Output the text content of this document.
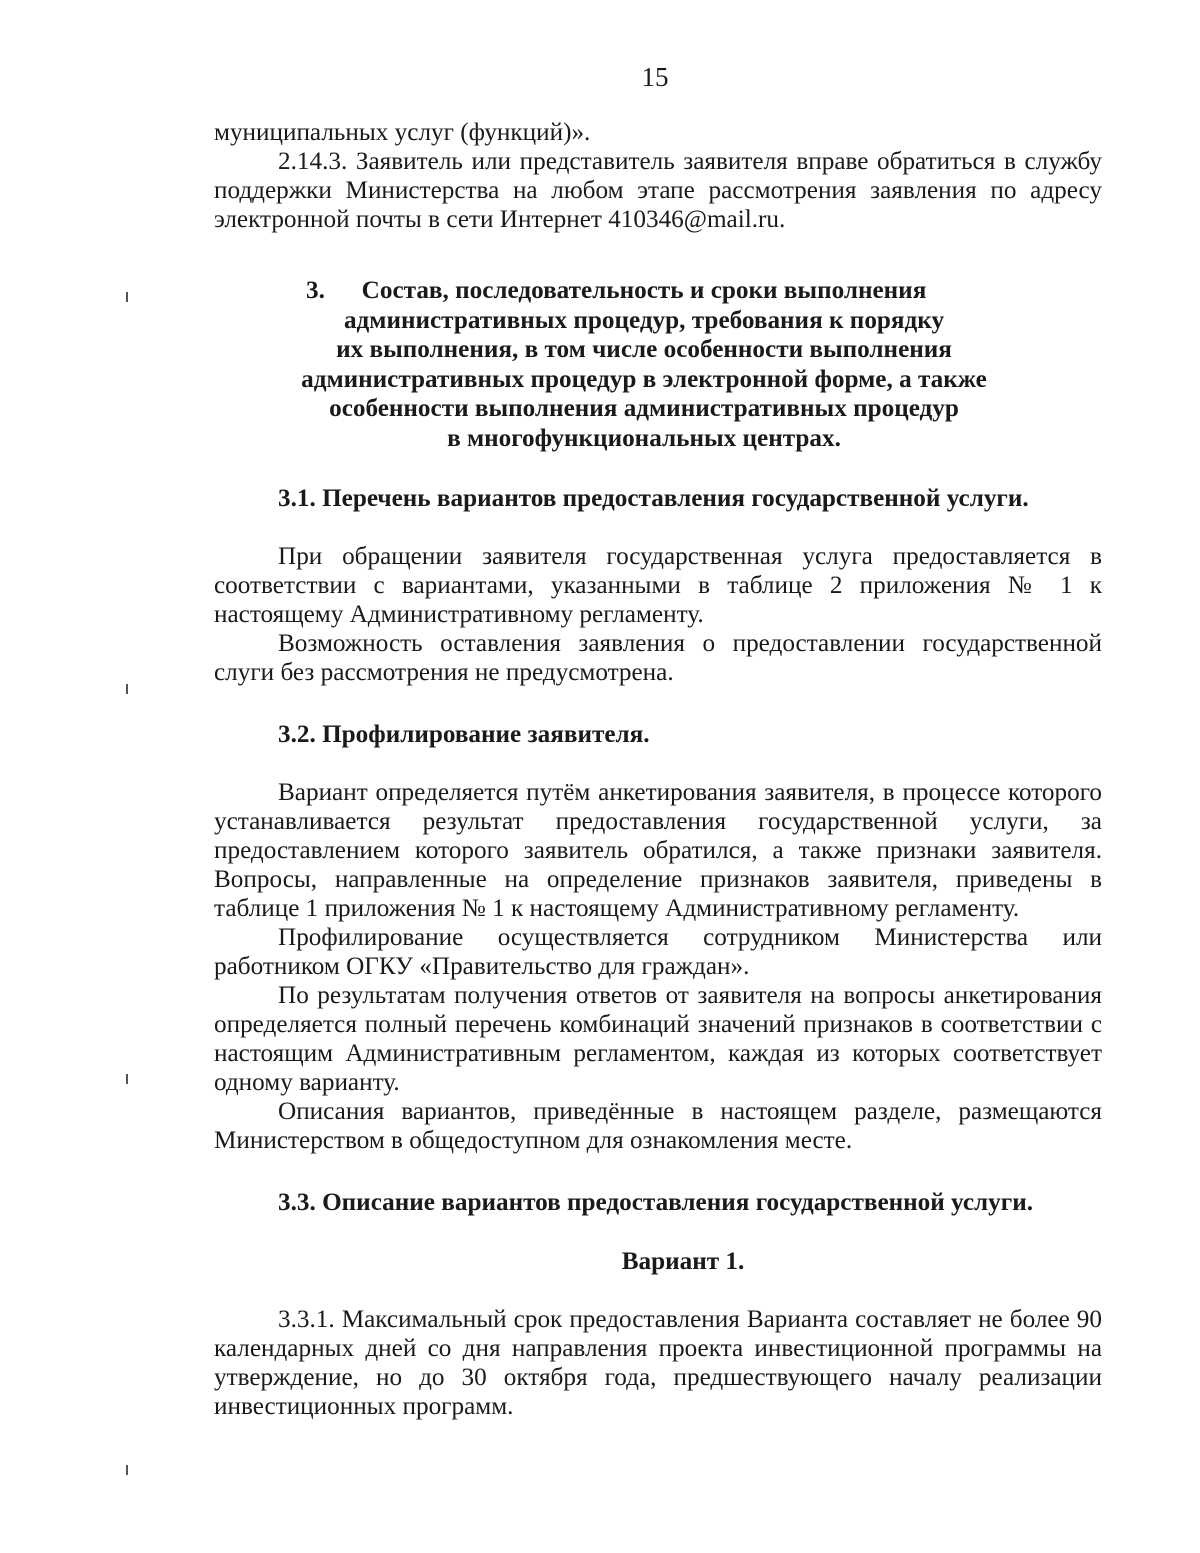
15

муниципальных услуг (функций)».

2.14.3. Заявитель или представитель заявителя вправе обратиться в службу поддержки Министерства на любом этапе рассмотрения заявления по адресу электронной почты в сети Интернет 410346@mail.ru.

3.	Состав, последовательность и сроки выполнения
административных процедур, требования к порядку
их выполнения, в том числе особенности выполнения
административных процедур в электронной форме, а также
особенности выполнения административных процедур
в многофункциональных центрах.
3.1. Перечень вариантов предоставления государственной услуги.

При обращении заявителя государственная услуга предоставляется в соответствии с вариантами, указанными в таблице 2 приложения № 1 к настоящему Административному регламенту.

Возможность оставления заявления о предоставлении государственной слуги без рассмотрения не предусмотрена.

3.2. Профилирование заявителя.

Вариант определяется путём анкетирования заявителя, в процессе которого устанавливается результат предоставления государственной услуги, за предоставлением которого заявитель обратился, а также признаки заявителя. Вопросы, направленные на определение признаков заявителя, приведены в таблице 1 приложения № 1 к настоящему Административному регламенту.

Профилирование осуществляется сотрудником Министерства или работником ОГКУ «Правительство для граждан».

По результатам получения ответов от заявителя на вопросы анкетирования определяется полный перечень комбинаций значений признаков в соответствии с настоящим Административным регламентом, каждая из которых соответствует одному варианту.

Описания вариантов, приведённые в настоящем разделе, размещаются Министерством в общедоступном для ознакомления месте.

3.3. Описание вариантов предоставления государственной услуги.
Вариант 1.

3.3.1. Максимальный срок предоставления Варианта составляет не более 90 календарных дней со дня направления проекта инвестиционной программы на утверждение, но до 30 октября года, предшествующего началу реализации инвестиционных программ.
